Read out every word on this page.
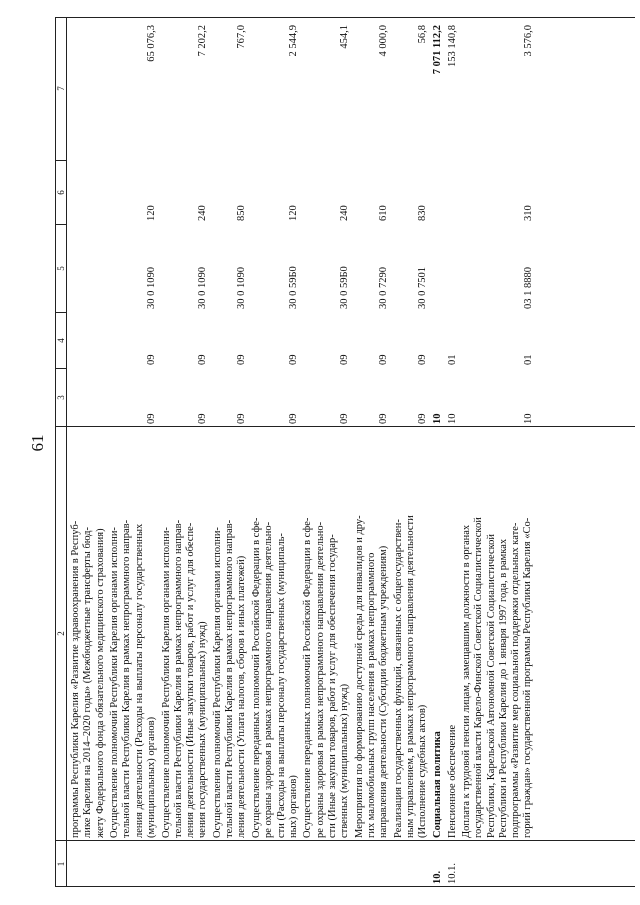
61
1
2
3
4
5
6
7
программы Республики Карелия «Развитие здравоохранения в Респуб- лике Карелия на 2014–2020 годы» (Межбюджетные трансферты бюд- жету Федерального фонда обязательного медицинского страхования) Осуществление полномочий Республики Карелия органами исполни- тельной власти Республики Карелия в рамках непрограммного направ- ления деятельности (Расходы на выплаты персоналу государственных (муниципальных) органов)
09
09
30 0 1090
120
65 076,3
Осуществление полномочий Республики Карелия органами исполни- тельной власти Республики Карелия в рамках непрограммного направ- ления деятельности (Иные закупки товаров, работ и услуг для обеспе- чения государственных (муниципальных) нужд)
09
09
30 0 1090
240
7 202,2
Осуществление полномочий Республики Карелия органами исполни- тельной власти Республики Карелия в рамках непрограммного направ- ления деятельности (Уплата налогов, сборов и иных платежей)
09
09
30 0 1090
850
767,0
Осуществление переданных полномочий Российской Федерации в сфе- ре охраны здоровья в рамках непрограммного направления деятельно- сти (Расходы на выплаты персоналу государственных (муниципаль- ных) органов)
09
09
30 0 59Б0
120
2 544,9
Осуществление переданных полномочий Российской Федерации в сфе- ре охраны здоровья в рамках непрограммного направления деятельно- сти (Иные закупки товаров, работ и услуг для обеспечения государ- ственных (муниципальных) нужд)
09
09
30 0 59Б0
240
454,1
Мероприятия по формированию доступной среды для инвалидов и дру- гих маломобильных групп населения в рамках непрограммного направления деятельности (Субсидии бюджетным учреждениям)
09
09
30 0 7290
610
4 000,0
Реализация государственных функций, связанных с общегосударствен- ным управлением, в рамках непрограммного направления деятельности (Исполнение судебных актов)
09
09
30 0 7501
830
56,8
10.
Социальная политика
10
7 071 112,2
10.1.
Пенсионное обеспечение
10
01
153 140,8
Доплата к трудовой пенсии лицам, замещавшим должности в органах государственной власти Карело-Финской Советской Социалистической Республики, Карельской Автономной Советской Социалистической Республики и Республики Карелия до 1 января 1997 года, в рамках подпрограммы «Развитие мер социальной поддержки отдельных кате- горий граждан» государственной программы Республики Карелия «Со-
10
01
03 1 8880
310
3 576,0
